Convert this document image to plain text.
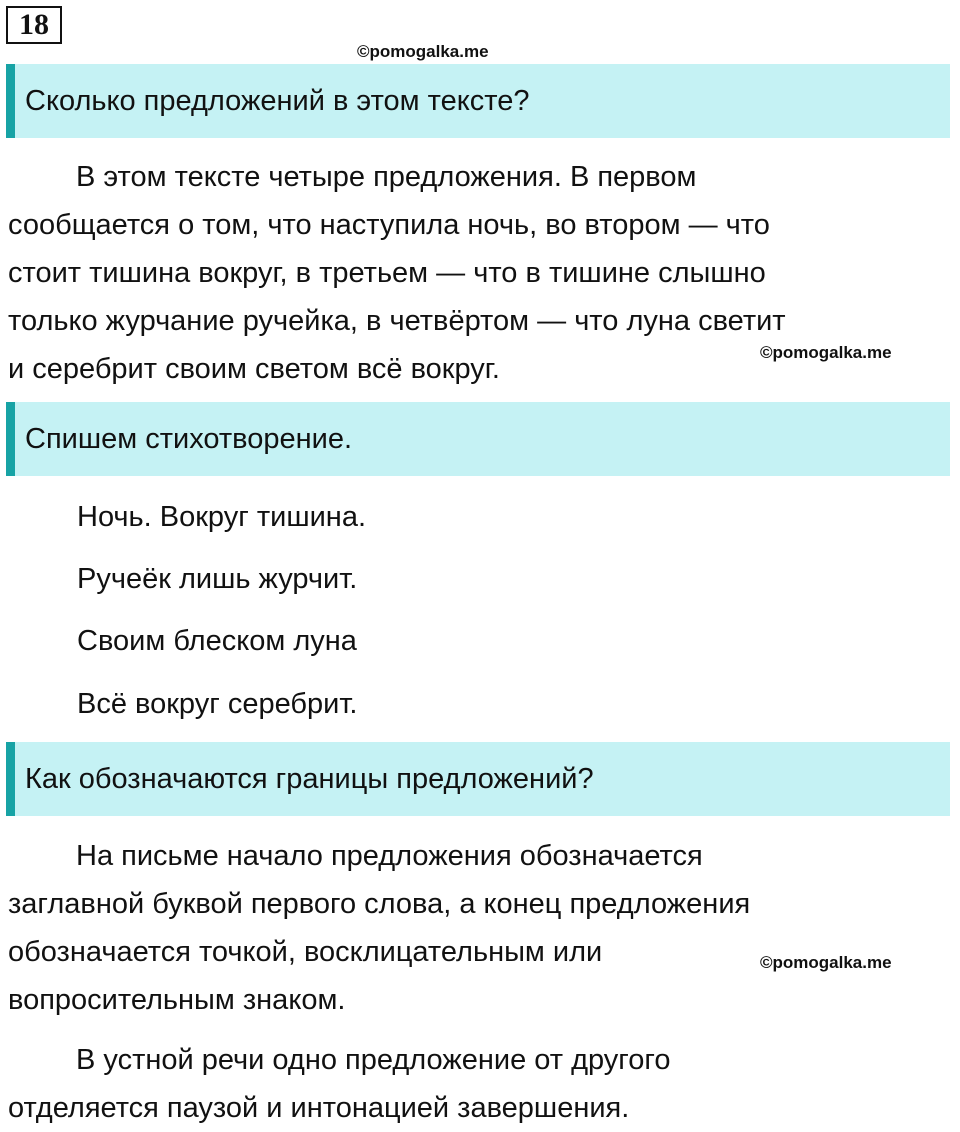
18
©pomogalka.me
Сколько предложений в этом тексте?

В этом тексте четыре предложения. В первом
сообщается о том, что наступила ночь, во втором — что
стоит тишина вокруг, в третьем — что в тишине слышно
только журчание ручейка, в четвёртом — что луна светит
и серебрит своим светом всё вокруг.

©pomogalka.me
Спишем стихотворение.
Ночь. Вокруг тишина.
Ручеёк лишь журчит.
Своим блеском луна
Всё вокруг серебрит.
Как обозначаются границы предложений?

На письме начало предложения обозначается
заглавной буквой первого слова, а конец предложения
обозначается точкой, восклицательным или
вопросительным знаком.

©pomogalka.me

В устной речи одно предложение от другого
отделяется паузой и интонацией завершения.
